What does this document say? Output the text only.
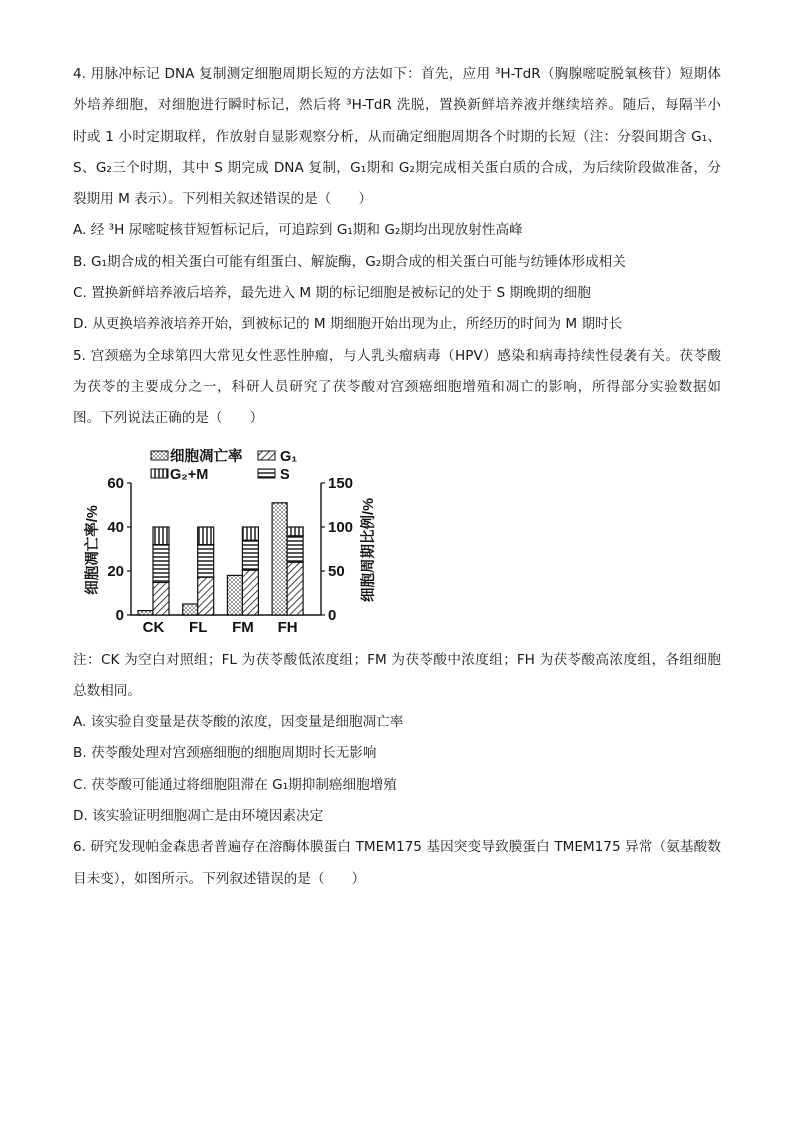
4. 用脉冲标记 DNA 复制测定细胞周期长短的方法如下：首先，应用 ³H-TdR（胸腺嘧啶脱氧核苷）短期体
外培养细胞，对细胞进行瞬时标记，然后将 ³H-TdR 洗脱，置换新鲜培养液并继续培养。随后，每隔半小
时或 1 小时定期取样，作放射自显影观察分析，从而确定细胞周期各个时期的长短（注：分裂间期含 G₁、
S、G₂三个时期，其中 S 期完成 DNA 复制，G₁期和 G₂期完成相关蛋白质的合成，为后续阶段做准备，分
裂期用 M 表示）。下列相关叙述错误的是（　　）
A. 经 ³H 尿嘧啶核苷短暂标记后，可追踪到 G₁期和 G₂期均出现放射性高峰
B. G₁期合成的相关蛋白可能有组蛋白、解旋酶，G₂期合成的相关蛋白可能与纺锤体形成相关
C. 置换新鲜培养液后培养，最先进入 M 期的标记细胞是被标记的处于 S 期晚期的细胞
D. 从更换培养液培养开始，到被标记的 M 期细胞开始出现为止，所经历的时间为 M 期时长
5. 宫颈癌为全球第四大常见女性恶性肿瘤，与人乳头瘤病毒（HPV）感染和病毒持续性侵袭有关。茯苓酸
为茯苓的主要成分之一，科研人员研究了茯苓酸对宫颈癌细胞增殖和凋亡的影响，所得部分实验数据如
图。下列说法正确的是（　　）
细胞凋亡率	G₁
G₂+M	S
细胞凋亡率/%	细胞周期比例/%
CK FL FM FH
0
20
40
60
0
50
100
150
注：CK 为空白对照组；FL 为茯苓酸低浓度组；FM 为茯苓酸中浓度组；FH 为茯苓酸高浓度组，各组细胞
总数相同。
A. 该实验自变量是茯苓酸的浓度，因变量是细胞凋亡率
B. 茯苓酸处理对宫颈癌细胞的细胞周期时长无影响
C. 茯苓酸可能通过将细胞阻滞在 G₁期抑制癌细胞增殖
D. 该实验证明细胞凋亡是由环境因素决定
6. 研究发现帕金森患者普遍存在溶酶体膜蛋白 TMEM175 基因突变导致膜蛋白 TMEM175 异常（氨基酸数
目未变），如图所示。下列叙述错误的是（　　）
